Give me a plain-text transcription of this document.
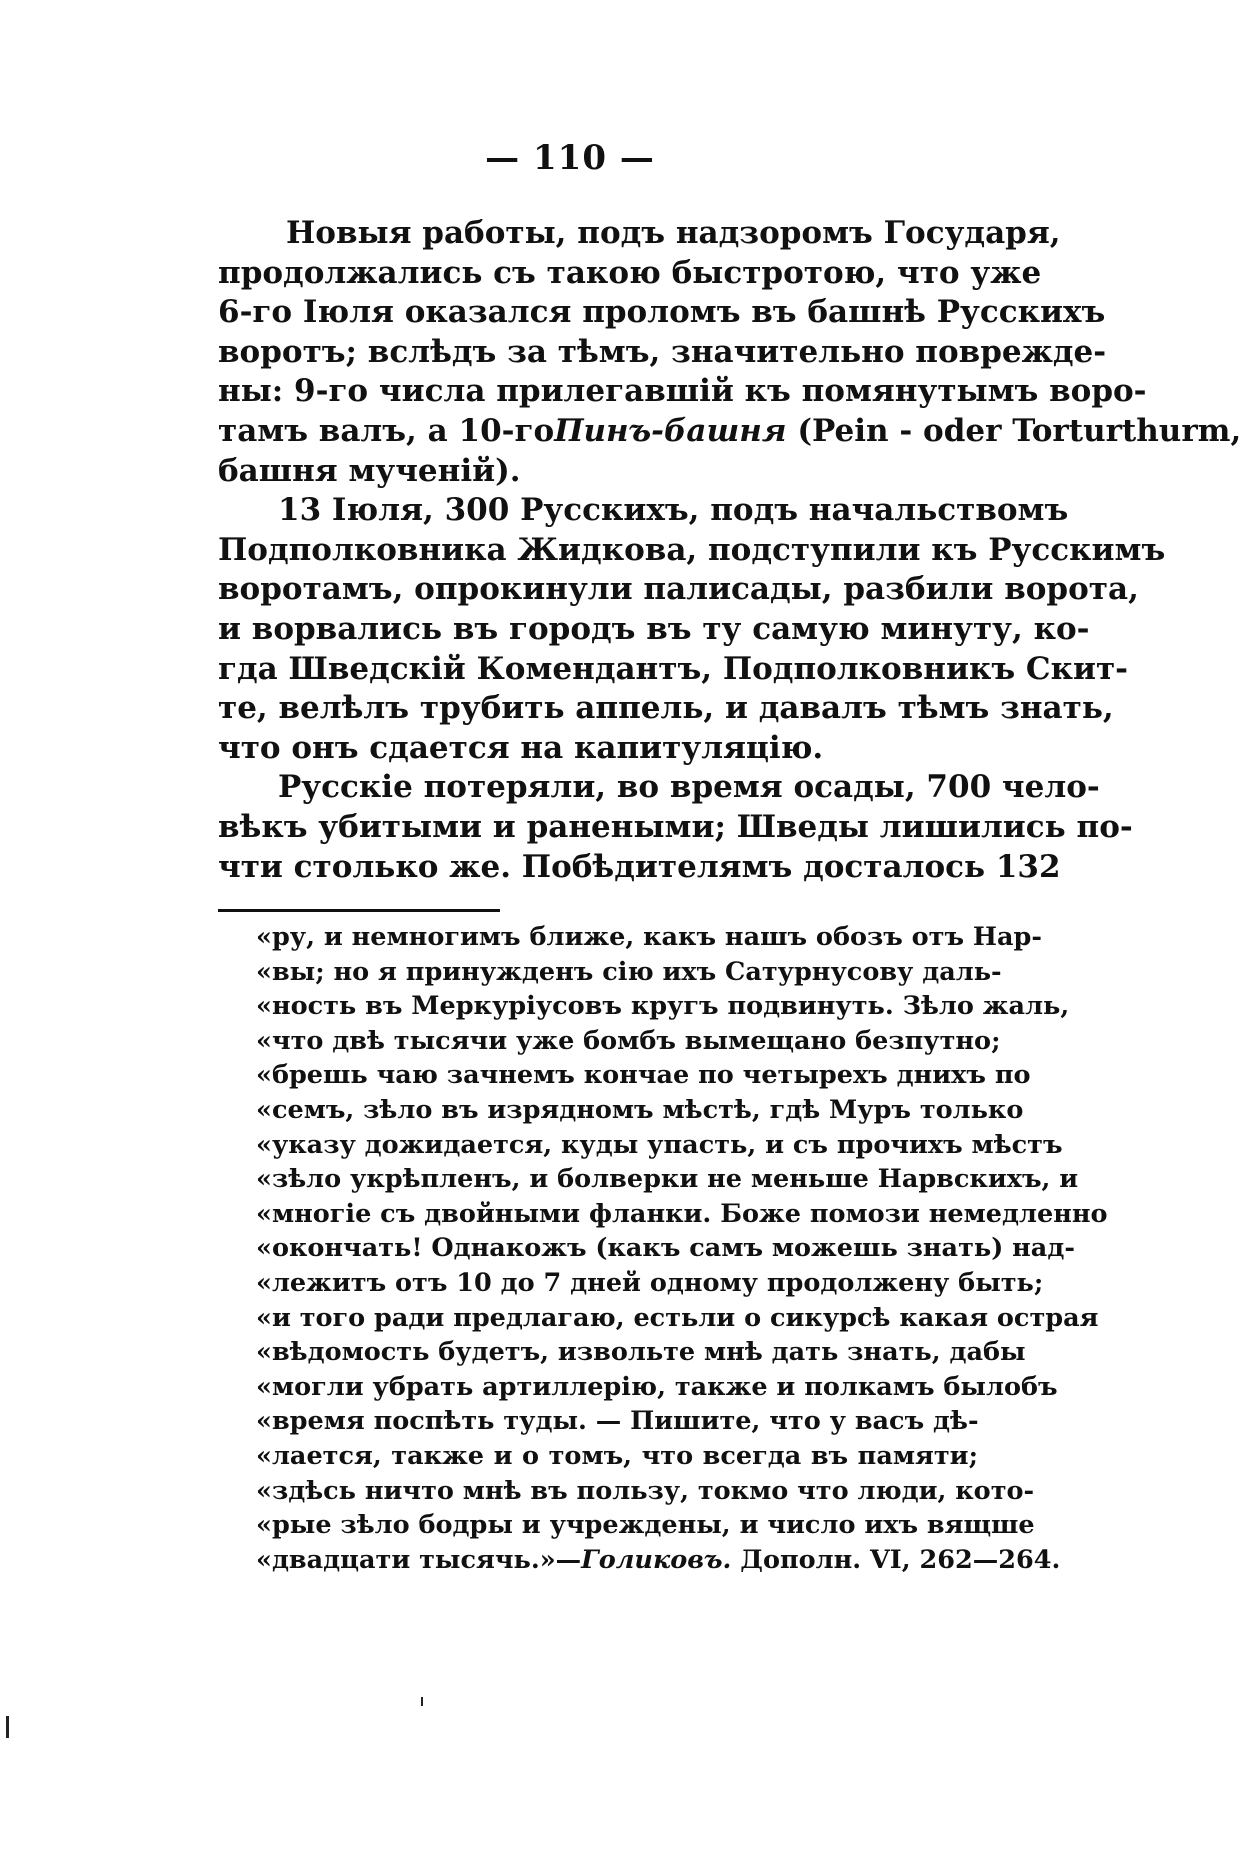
— 110 —
Новыя работы, подъ надзоромъ Государя,
продолжались съ такою быстротою, что уже
6-го Іюля оказался проломъ въ башнѣ Русскихъ
воротъ; вслѣдъ за тѣмъ, значительно поврежде-
ны: 9-го числа прилегавшій къ помянутымъ воро-
тамъ валъ, а 10-гоПинъ-башня (Pein - oder Torturthurm,
башня мученій).
13 Іюля, 300 Русскихъ, подъ начальствомъ
Подполковника Жидкова, подступили къ Русскимъ
воротамъ, опрокинули палисады, разбили ворота,
и ворвались въ городъ въ ту самую минуту, ко-
гда Шведскій Комендантъ, Подполковникъ Скит-
те, велѣлъ трубить аппель, и давалъ тѣмъ знать,
что онъ сдается на капитуляцію.
Русскіе потеряли, во время осады, 700 чело-
вѣкъ убитыми и ранеными; Шведы лишились по-
чти столько же. Побѣдителямъ досталось 132
«ру, и немногимъ ближе, какъ нашъ обозъ отъ Нар-
«вы; но я принужденъ сію ихъ Сатурнусову даль-
«ность въ Меркуріусовъ кругъ подвинуть. Зѣло жаль,
«что двѣ тысячи уже бомбъ вымещано безпутно;
«брешь чаю зачнемъ кончае по четырехъ днихъ по
«семъ, зѣло въ изрядномъ мѣстѣ, гдѣ Муръ только
«указу дожидается, куды упасть, и съ прочихъ мѣстъ
«зѣло укрѣпленъ, и болверки не меньше Нарвскихъ, и
«многіе съ двойными фланки. Боже помози немедленно
«окончать! Однакожъ (какъ самъ можешь знать) над-
«лежитъ отъ 10 до 7 дней одному продолжену быть;
«и того ради предлагаю, естьли о сикурсѣ какая острая
«вѣдомость будетъ, извольте мнѣ дать знать, дабы
«могли убрать артиллерію, также и полкамъ былобъ
«время поспѣть туды. — Пишите, что у васъ дѣ-
«лается, также и о томъ, что всегда въ памяти;
«здѣсь ничто мнѣ въ пользу, токмо что люди, кото-
«рые зѣло бодры и учреждены, и число ихъ вящше
«двадцати тысячь.»—Голиковъ. Дополн. VI, 262—264.
